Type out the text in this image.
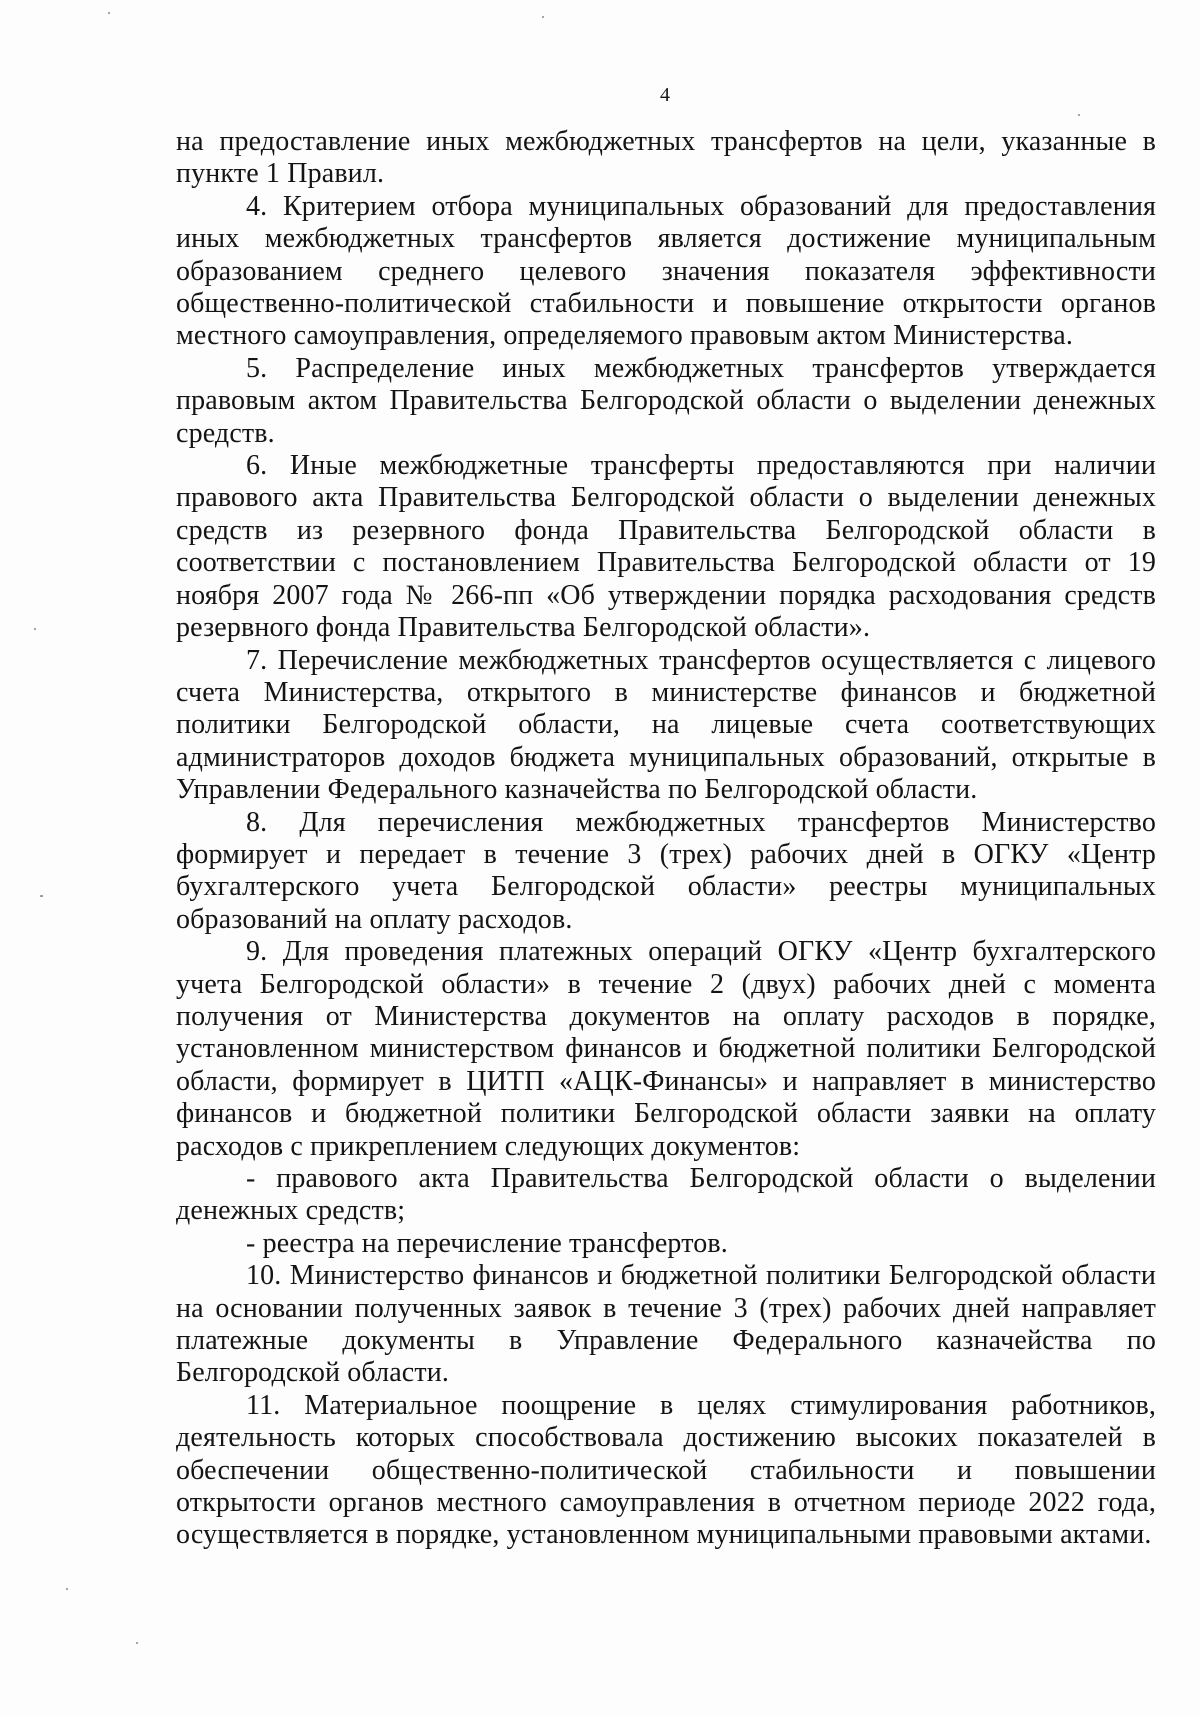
4

на предоставление иных межбюджетных трансфертов на цели, указанные в пункте 1 Правил.

4. Критерием отбора муниципальных образований для предоставления иных межбюджетных трансфертов является достижение муниципальным образованием среднего целевого значения показателя эффективности общественно-политической стабильности и повышение открытости органов местного самоуправления, определяемого правовым актом Министерства.

5. Распределение иных межбюджетных трансфертов утверждается правовым актом Правительства Белгородской области о выделении денежных средств.

6. Иные межбюджетные трансферты предоставляются при наличии правового акта Правительства Белгородской области о выделении денежных средств из резервного фонда Правительства Белгородской области в соответствии с постановлением Правительства Белгородской области от 19 ноября 2007 года № 266-пп «Об утверждении порядка расходования средств резервного фонда Правительства Белгородской области».

7. Перечисление межбюджетных трансфертов осуществляется с лицевого счета Министерства, открытого в министерстве финансов и бюджетной политики Белгородской области, на лицевые счета соответствующих администраторов доходов бюджета муниципальных образований, открытые в Управлении Федерального казначейства по Белгородской области.

8. Для перечисления межбюджетных трансфертов Министерство формирует и передает в течение 3 (трех) рабочих дней в ОГКУ «Центр бухгалтерского учета Белгородской области» реестры муниципальных образований на оплату расходов.

9. Для проведения платежных операций ОГКУ «Центр бухгалтерского учета Белгородской области» в течение 2 (двух) рабочих дней с момента получения от Министерства документов на оплату расходов в порядке, установленном министерством финансов и бюджетной политики Белгородской области, формирует в ЦИТП «АЦК-Финансы» и направляет в министерство финансов и бюджетной политики Белгородской области заявки на оплату расходов с прикреплением следующих документов:

- правового акта Правительства Белгородской области о выделении денежных средств;

- реестра на перечисление трансфертов.

10. Министерство финансов и бюджетной политики Белгородской области на основании полученных заявок в течение 3 (трех) рабочих дней направляет платежные документы в Управление Федерального казначейства по Белгородской области.

11. Материальное поощрение в целях стимулирования работников, деятельность которых способствовала достижению высоких показателей в обеспечении общественно-политической стабильности и повышении открытости органов местного самоуправления в отчетном периоде 2022 года, осуществляется в порядке, установленном муниципальными правовыми актами.
